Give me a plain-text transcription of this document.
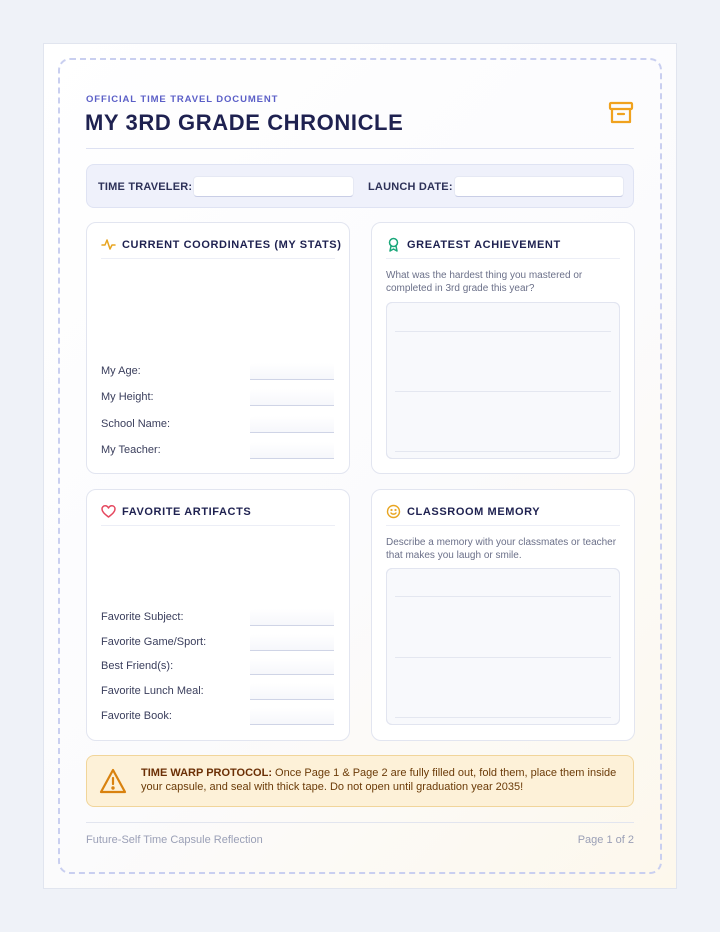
OFFICIAL TIME TRAVEL DOCUMENT
MY 3RD GRADE CHRONICLE
TIME TRAVELER:	LAUNCH DATE:
CURRENT COORDINATES (MY STATS)
My Age:
My Height:
School Name:
My Teacher:
GREATEST ACHIEVEMENT
What was the hardest thing you mastered or completed in 3rd grade this year?
FAVORITE ARTIFACTS
Favorite Subject:
Favorite Game/Sport:
Best Friend(s):
Favorite Lunch Meal:
Favorite Book:
CLASSROOM MEMORY
Describe a memory with your classmates or teacher that makes you laugh or smile.
TIME WARP PROTOCOL: Once Page 1 & Page 2 are fully filled out, fold them, place them inside your capsule, and seal with thick tape. Do not open until graduation year 2035!
Future-Self Time Capsule Reflection	Page 1 of 2
